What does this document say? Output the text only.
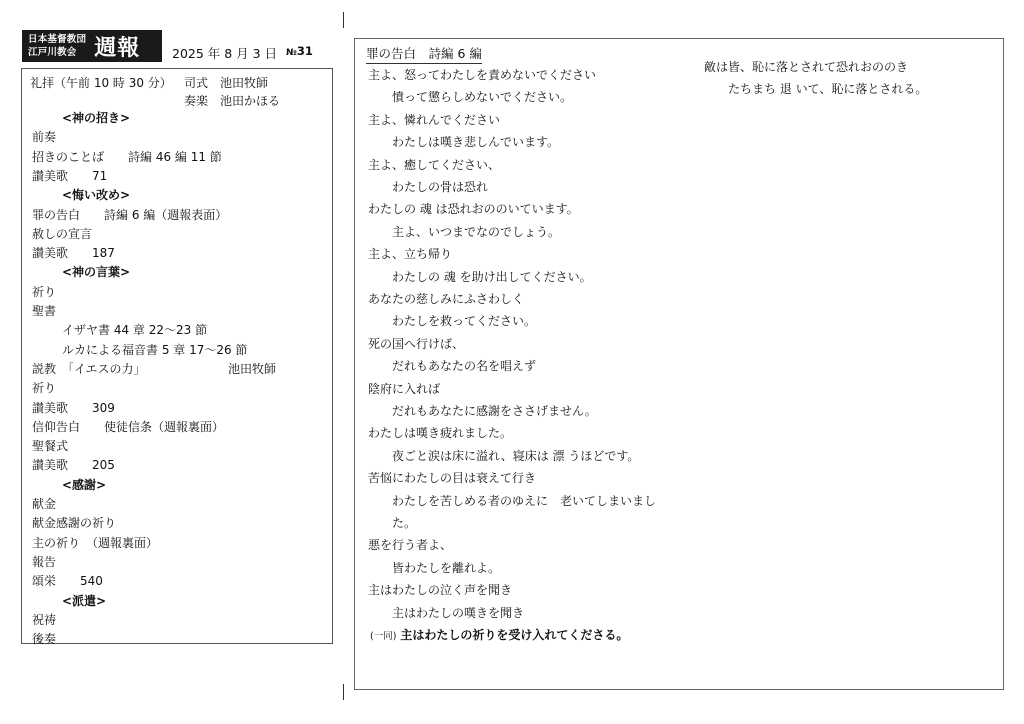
日本基督教団
江戸川教会 週報	2025 年 8 月 3 日 №31
礼拝（午前 10 時 30 分） 司式　池田牧師
奏楽　池田かほる
<神の招き>
前奏
招きのことば　　詩編 46 編 11 節
讃美歌　　71
<悔い改め>
罪の告白　　詩編 6 編（週報表面）
赦しの宣言
讃美歌　　187
<神の言葉>
祈り
聖書
イザヤ書 44 章 22〜23 節
ルカによる福音書 5 章 17〜26 節
説教　「イエスの力」	池田牧師
祈り
讃美歌　　309
信仰告白　　使徒信条（週報裏面）
聖餐式
讃美歌　　205
<感謝>
献金
献金感謝の祈り
主の祈り　（週報裏面）
報告
頌栄　　540
<派遣>
祝祷
後奏
罪の告白　詩編 6 編
主よ、怒ってわたしを責めないでください
憤って懲らしめないでください。
主よ、憐れんでください
わたしは嘆き悲しんでいます。
主よ、癒してください、
わたしの骨は恐れ
わたしの 魂 は恐れおののいています。
主よ、いつまでなのでしょう。
主よ、立ち帰り
わたしの 魂 を助け出してください。
あなたの慈しみにふさわしく
わたしを救ってください。
死の国へ行けば、
だれもあなたの名を唱えず
陰府に入れば
だれもあなたに感謝をささげません。
わたしは嘆き疲れました。
夜ごと涙は床に溢れ、寝床は 漂 うほどです。
苦悩にわたしの目は衰えて行き
わたしを苦しめる者のゆえに　老いてしまいまし
た。
悪を行う者よ、
皆わたしを離れよ。
主はわたしの泣く声を聞き
主はわたしの嘆きを聞き
(一同) 主はわたしの祈りを受け入れてくださる。
敵は皆、恥に落とされて恐れおののき
たちまち 退 いて、恥に落とされる。
